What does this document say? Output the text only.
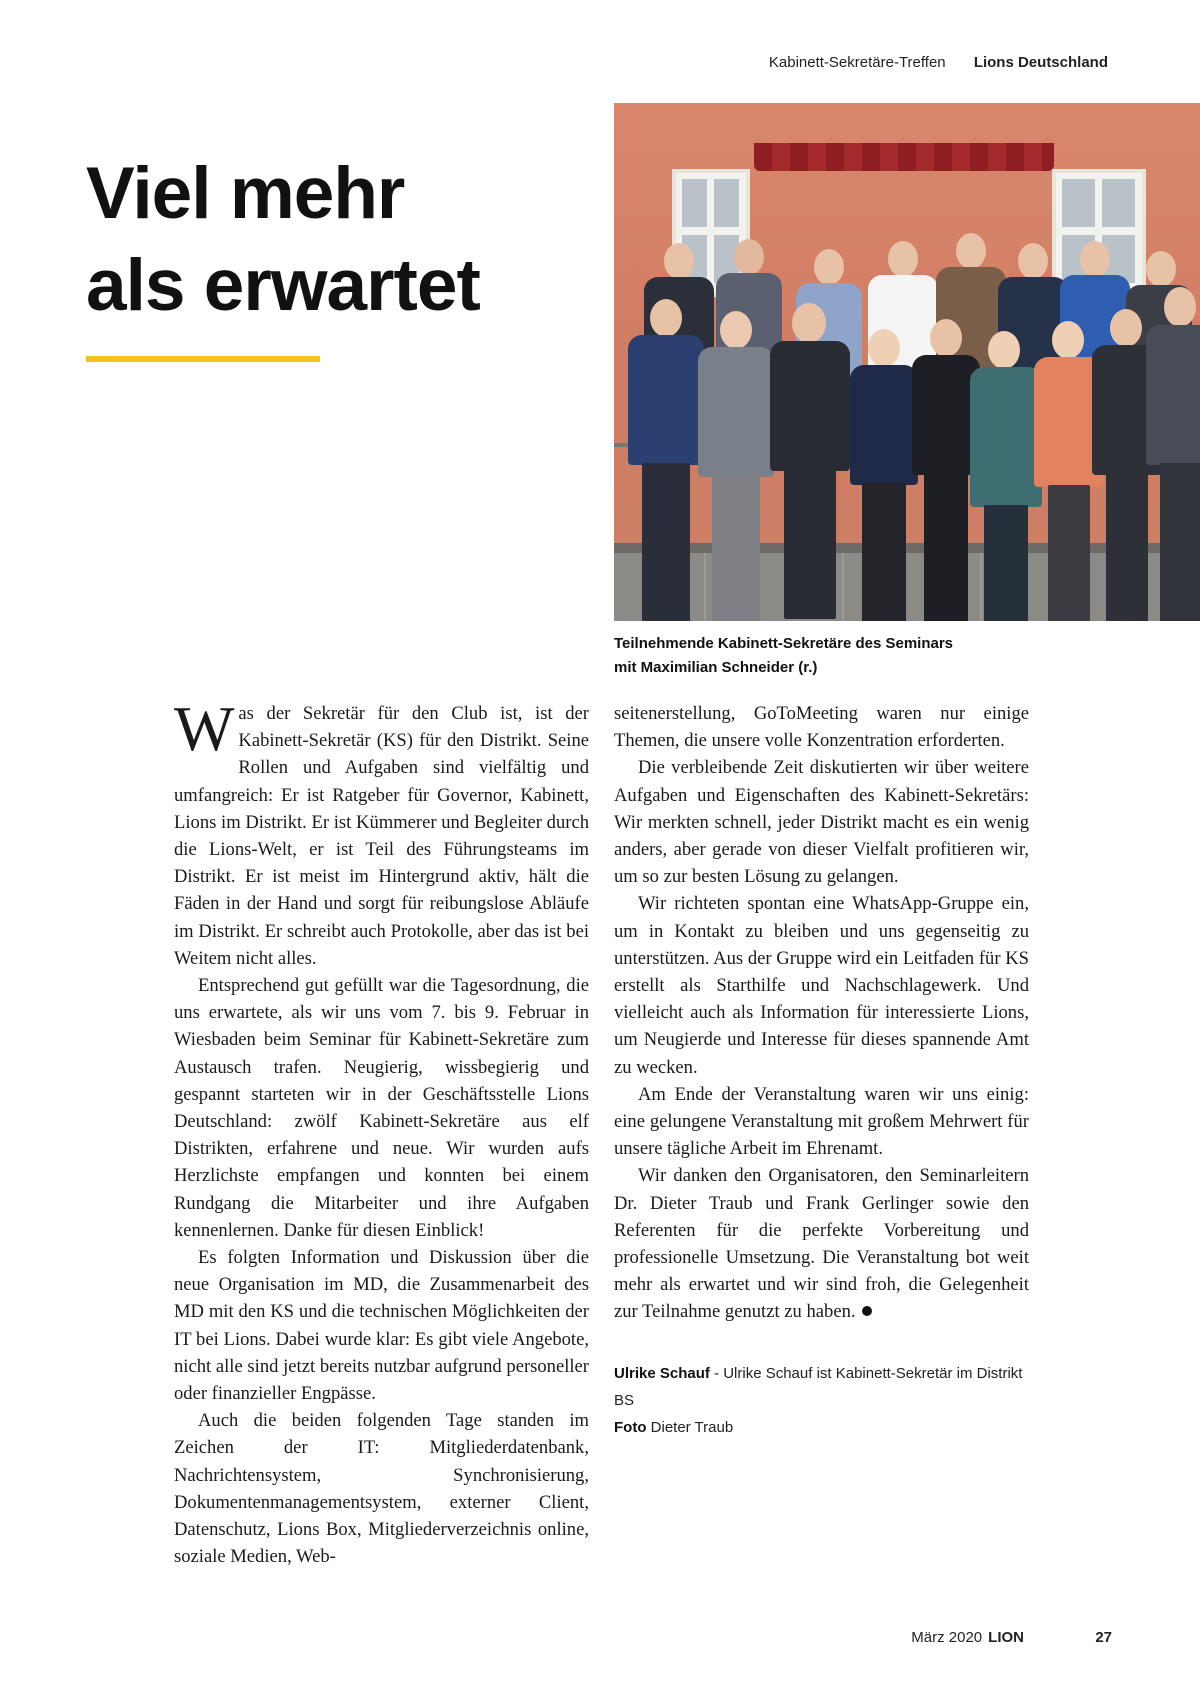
Kabinett-Sekretäre-Treffen Lions Deutschland
Viel mehr
als erwartet
Teilnehmende Kabinett-Sekretäre des Seminars
mit Maximilian Schneider (r.)

Was der Sekretär für den Club ist, ist der Kabinett-Sekretär (KS) für den Distrikt. Seine Rollen und Aufgaben sind vielfältig und umfangreich: Er ist Ratgeber für Governor, Kabinett, Lions im Distrikt. Er ist Kümmerer und Begleiter durch die Lions-Welt, er ist Teil des Führungsteams im Distrikt. Er ist meist im Hintergrund aktiv, hält die Fäden in der Hand und sorgt für reibungslose Abläufe im Distrikt. Er schreibt auch Protokolle, aber das ist bei Weitem nicht alles.

Entsprechend gut gefüllt war die Tagesordnung, die uns erwartete, als wir uns vom 7. bis 9. Februar in Wiesbaden beim Seminar für Kabinett-Sekretäre zum Austausch trafen. Neugierig, wissbegierig und gespannt starteten wir in der Geschäftsstelle Lions Deutschland: zwölf Kabinett-Sekretäre aus elf Distrikten, erfahrene und neue. Wir wurden aufs Herzlichste empfangen und konnten bei einem Rundgang die Mitarbeiter und ihre Aufgaben kennenlernen. Danke für diesen Einblick!

Es folgten Information und Diskussion über die neue Organisation im MD, die Zusammenarbeit des MD mit den KS und die technischen Möglichkeiten der IT bei Lions. Dabei wurde klar: Es gibt viele Angebote, nicht alle sind jetzt bereits nutzbar aufgrund personeller oder finanzieller Engpässe.

Auch die beiden folgenden Tage standen im Zeichen der IT: Mitgliederdatenbank, Nachrichtensystem, Synchronisierung, Dokumentenmanagementsystem, externer Client, Datenschutz, Lions Box, Mitgliederverzeichnis online, soziale Medien, Web-

seitenerstellung, GoToMeeting waren nur einige Themen, die unsere volle Konzentration erforderten.

Die verbleibende Zeit diskutierten wir über weitere Aufgaben und Eigenschaften des Kabinett-Sekretärs: Wir merkten schnell, jeder Distrikt macht es ein wenig anders, aber gerade von dieser Vielfalt profitieren wir, um so zur besten Lösung zu gelangen.

Wir richteten spontan eine WhatsApp-Gruppe ein, um in Kontakt zu bleiben und uns gegenseitig zu unterstützen. Aus der Gruppe wird ein Leitfaden für KS erstellt als Starthilfe und Nachschlagewerk. Und vielleicht auch als Information für interessierte Lions, um Neugierde und Interesse für dieses spannende Amt zu wecken.

Am Ende der Veranstaltung waren wir uns einig: eine gelungene Veranstaltung mit großem Mehrwert für unsere tägliche Arbeit im Ehrenamt.

Wir danken den Organisatoren, den Seminarleitern Dr. Dieter Traub und Frank Gerlinger sowie den Referenten für die perfekte Vorbereitung und professionelle Umsetzung. Die Veranstaltung bot weit mehr als erwartet und wir sind froh, die Gelegenheit zur Teilnahme genutzt zu haben.

Ulrike Schauf - Ulrike Schauf ist Kabinett-Sekretär im Distrikt BS
Foto Dieter Traub
März 2020 LION	27
